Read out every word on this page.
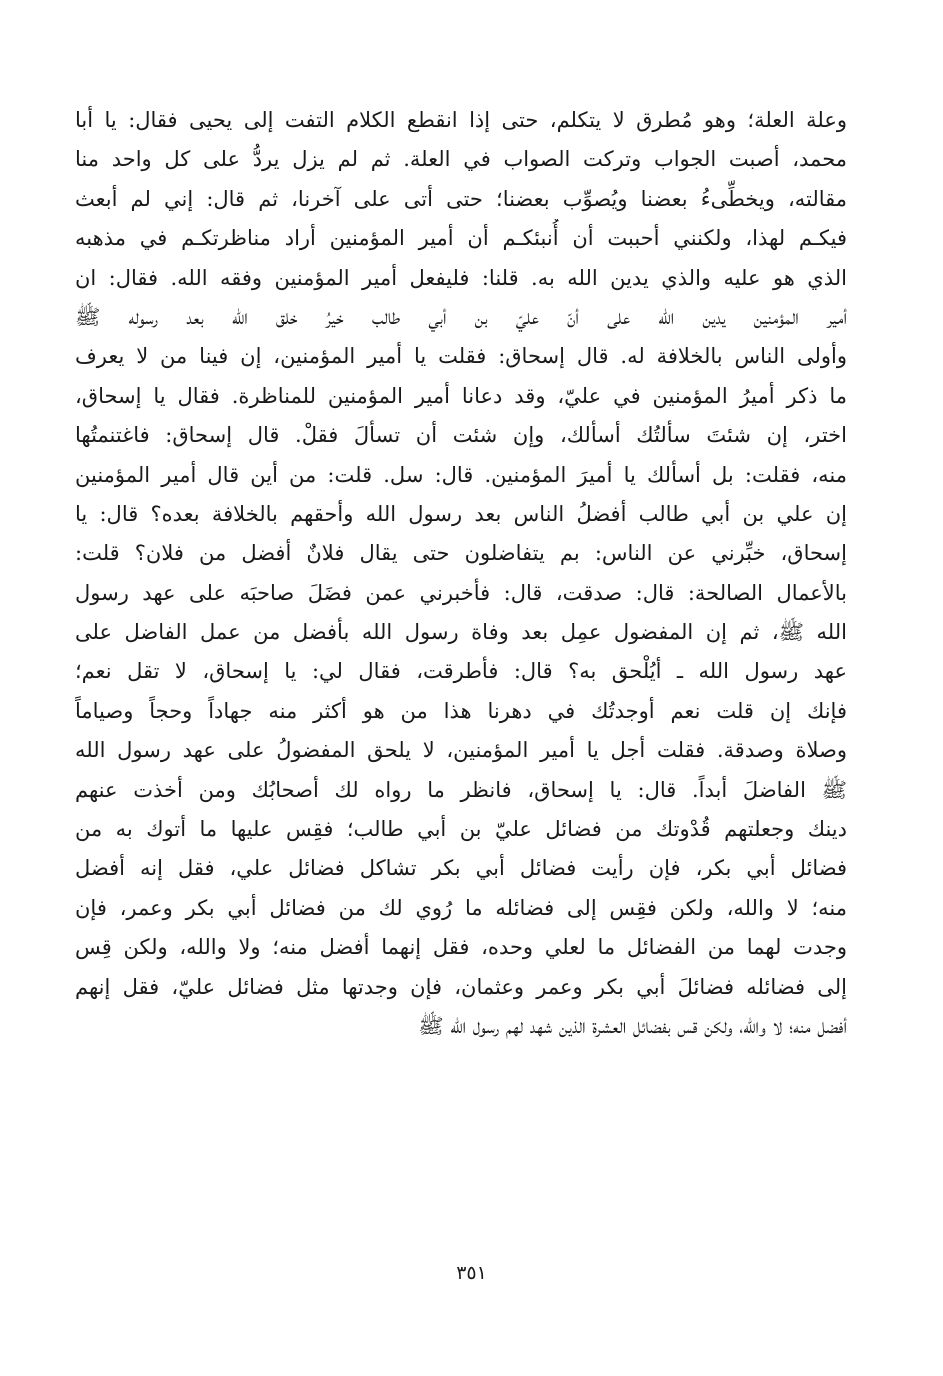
وعلة العلة؛ وهو مُطرق لا يتكلم، حتى إذا انقطع الكلام التفت إلى يحيى فقال: يا أبا
محمد، أصبت الجواب وتركت الصواب في العلة. ثم لم يزل يردُّ على كل واحد منا
مقالته، ويخطِّىءُ بعضنا ويُصوِّب بعضنا؛ حتى أتى على آخرنا، ثم قال: إني لم أبعث
فيكـم لهذا، ولكنني أحببت أن أُنبئكـم أن أمير المؤمنين أراد مناظرتكـم في مذهبه
الذي هو عليه والذي يدين الله به. قلنا: فليفعل أمير المؤمنين وفقه الله. فقال: ان
أمير المؤمنين يدين الله على أنّ عليّ بن أبي طالب خيرُ خلق الله بعد رسوله ﷺ
وأولى الناس بالخلافة له. قال إسحاق: فقلت يا أمير المؤمنين، إن فينا من لا يعرف
ما ذكر أميرُ المؤمنين في عليّ، وقد دعانا أمير المؤمنين للمناظرة. فقال يا إسحاق،
اختر، إن شئتَ سألتُك أسألك، وإن شئت أن تسألَ فقلْ. قال إسحاق: فاغتنمتُها
منه، فقلت: بل أسألك يا أميرَ المؤمنين. قال: سل. قلت: من أين قال أمير المؤمنين
إن علي بن أبي طالب أفضلُ الناس بعد رسول الله وأحقهم بالخلافة بعده؟ قال: يا
إسحاق، خبِّرني عن الناس: بم يتفاضلون حتى يقال فلانٌ أفضل من فلان؟ قلت:
بالأعمال الصالحة: قال: صدقت، قال: فأخبرني عمن فضَلَ صاحبَه على عهد رسول
الله ﷺ، ثم إن المفضول عمِل بعد وفاة رسول الله بأفضل من عمل الفاضل على
عهد رسول الله ـ أيُلْحق به؟ قال: فأطرقت، فقال لي: يا إسحاق، لا تقل نعم؛
فإنك إن قلت نعم أوجدتُك في دهرنا هذا من هو أكثر منه جهاداً وحجاً وصياماً
وصلاة وصدقة. فقلت أجل يا أمير المؤمنين، لا يلحق المفضولُ على عهد رسول الله
ﷺ الفاضلَ أبداً. قال: يا إسحاق، فانظر ما رواه لك أصحابُك ومن أخذت عنهم
دينك وجعلتهم قُدْوتك من فضائل عليّ بن أبي طالب؛ فقِس عليها ما أتوك به من
فضائل أبي بكر، فإن رأيت فضائل أبي بكر تشاكل فضائل علي، فقل إنه أفضل
منه؛ لا والله، ولكن فقِس إلى فضائله ما رُوي لك من فضائل أبي بكر وعمر، فإن
وجدت لهما من الفضائل ما لعلي وحده، فقل إنهما أفضل منه؛ ولا والله، ولكن قِس
إلى فضائله فضائلَ أبي بكر وعمر وعثمان، فإن وجدتها مثل فضائل عليّ، فقل إنهم
أفضل منه؛ لا والله، ولكن قس بفضائل العشرة الذين شهد لهم رسول الله ﷺ
٣٥١
